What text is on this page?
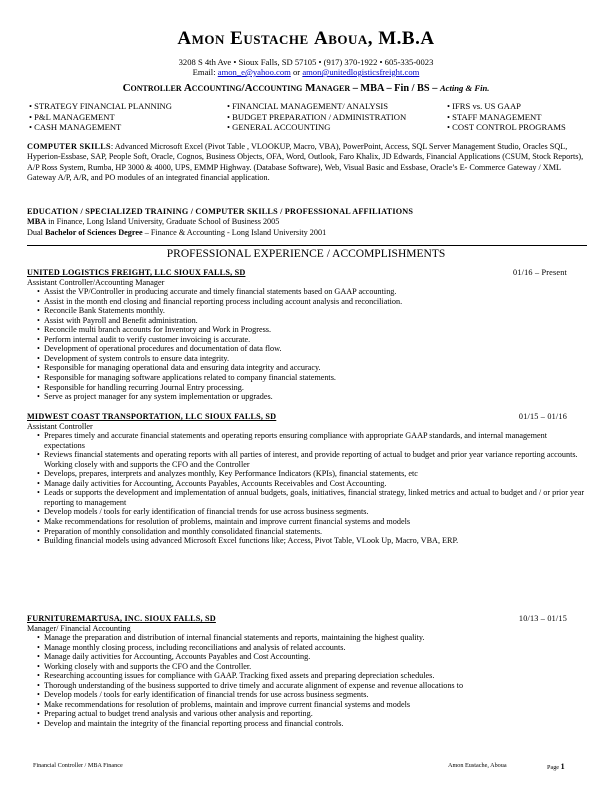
Amon Eustache Aboua, M.B.A
3208 S 4th Ave • Sioux Falls, SD 57105 • (917) 370-1922 • 605-335-0023
Email: amon_e@yahoo.com or amon@unitedlogisticsfreight.com
Controller Accounting/Accounting Manager – MBA – Fin / BS – Acting & Fin.
• STRATEGY FINANCIAL PLANNING
• P&L MANAGEMENT
• CASH MANAGEMENT
• FINANCIAL MANAGEMENT/ ANALYSIS
• BUDGET PREPARATION / ADMINISTRATION
• GENERAL ACCOUNTING
• IFRS vs. US GAAP
• STAFF MANAGEMENT
• COST CONTROL PROGRAMS
COMPUTER SKILLS: Advanced Microsoft Excel (Pivot Table , VLOOKUP, Macro, VBA), PowerPoint, Access, SQL Server Management Studio, Oracles SQL, Hyperion-Essbase, SAP, People Soft, Oracle, Cognos, Business Objects, OFA, Word, Outlook, Faro Khalix, JD Edwards, Financial Applications (CSUM, Stock Reports), A/P Ross System, Rumba, HP 3000 & 4000, UPS, EMMP Highway. (Database Software), Web, Visual Basic and Essbase, Oracle’s E- Commerce Gateway / XML Gateway A/P, A/R, and PO modules of an integrated financial application.
EDUCATION / SPECIALIZED TRAINING / COMPUTER SKILLS / PROFESSIONAL AFFILIATIONS
MBA in Finance, Long Island University, Graduate School of Business 2005
Dual Bachelor of Sciences Degree – Finance & Accounting - Long Island University 2001
PROFESSIONAL EXPERIENCE / ACCOMPLISHMENTS
UNITED LOGISTICS FREIGHT, LLC SIOUX FALLS, SD	01/16 – Present
Assistant Controller/Accounting Manager
• Assist the VP/Controller in producing accurate and timely financial statements based on GAAP accounting.
• Assist in the month end closing and financial reporting process including account analysis and reconciliation.
• Reconcile Bank Statements monthly.
• Assist with Payroll and Benefit administration.
• Reconcile multi branch accounts for Inventory and Work in Progress.
• Perform internal audit to verify customer invoicing is accurate.
• Development of operational procedures and documentation of data flow.
• Development of system controls to ensure data integrity.
• Responsible for managing operational data and ensuring data integrity and accuracy.
• Responsible for managing software applications related to company financial statements.
• Responsible for handling recurring Journal Entry processing.
• Serve as project manager for any system implementation or upgrades.
MIDWEST COAST TRANSPORTATION, LLC SIOUX FALLS, SD	01/15 – 01/16
Assistant Controller
• Prepares timely and accurate financial statements and operating reports ensuring compliance with appropriate GAAP standards, and internal management expectations
• Reviews financial statements and operating reports with all parties of interest, and provide reporting of actual to budget and prior year variance reporting accounts. Working closely with and supports the CFO and the Controller
• Develops, prepares, interprets and analyzes monthly, Key Performance Indicators (KPIs), financial statements, etc
• Manage daily activities for Accounting, Accounts Payables, Accounts Receivables and Cost Accounting.
• Leads or supports the development and implementation of annual budgets, goals, initiatives, financial strategy, linked metrics and actual to budget and / or prior year reporting to management
• Develop models / tools for early identification of financial trends for use across business segments.
• Make recommendations for resolution of problems, maintain and improve current financial systems and models
• Preparation of monthly consolidation and monthly consolidated financial statements.
• Building financial models using advanced Microsoft Excel functions like; Access, Pivot Table, VLook Up, Macro, VBA, ERP.
FURNITUREMARTUSA, INC. SIOUX FALLS, SD	10/13 – 01/15
Manager/ Financial Accounting
• Manage the preparation and distribution of internal financial statements and reports, maintaining the highest quality.
• Manage monthly closing process, including reconciliations and analysis of related accounts.
• Manage daily activities for Accounting, Accounts Payables and Cost Accounting.
• Working closely with and supports the CFO and the Controller.
• Researching accounting issues for compliance with GAAP. Tracking fixed assets and preparing depreciation schedules.
• Thorough understanding of the business supported to drive timely and accurate alignment of expense and revenue allocations to
• Develop models / tools for early identification of financial trends for use across business segments.
• Make recommendations for resolution of problems, maintain and improve current financial systems and models
• Preparing actual to budget trend analysis and various other analysis and reporting.
• Develop and maintain the integrity of the financial reporting process and financial controls.
Financial Controller / MBA Finance	Amon Eustache, Aboua	Page 1
